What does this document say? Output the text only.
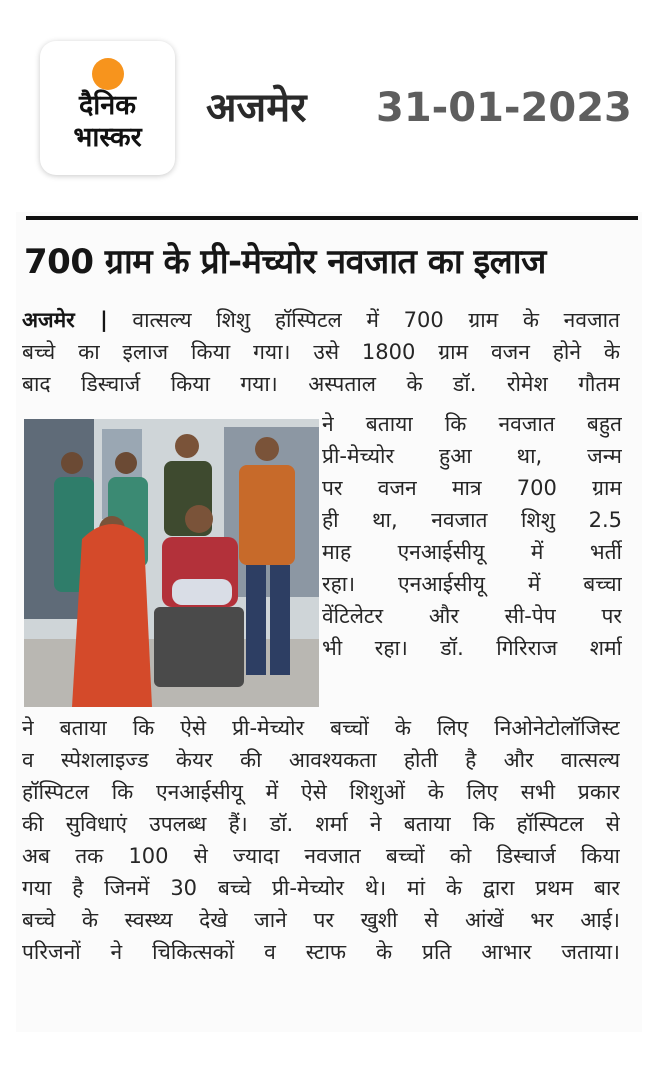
दैनिक
भास्कर
अजमेर 31-01-2023
700 ग्राम के प्री-मेच्योर नवजात का इलाज
अजमेर | वात्सल्य शिशु हॉस्पिटल में 700 ग्राम के नवजात
बच्चे का इलाज किया गया। उसे 1800 ग्राम वजन होने के
बाद डिस्चार्ज किया गया। अस्पताल के डॉ. रोमेश गौतम
ने बताया कि नवजात बहुत
प्री-मेच्योर हुआ था, जन्म
पर वजन मात्र 700 ग्राम
ही था, नवजात शिशु 2.5
माह एनआईसीयू में भर्ती
रहा। एनआईसीयू में बच्चा
वेंटिलेटर और सी-पेप पर
भी रहा। डॉ. गिरिराज शर्मा
ने बताया कि ऐसे प्री-मेच्योर बच्चों के लिए निओनेटोलॉजिस्ट
व स्पेशलाइज्ड केयर की आवश्यकता होती है और वात्सल्य
हॉस्पिटल कि एनआईसीयू में ऐसे शिशुओं के लिए सभी प्रकार
की सुविधाएं उपलब्ध हैं। डॉ. शर्मा ने बताया कि हॉस्पिटल से
अब तक 100 से ज्यादा नवजात बच्चों को डिस्चार्ज किया
गया है जिनमें 30 बच्चे प्री-मेच्योर थे। मां के द्वारा प्रथम बार
बच्चे के स्वस्थ्य देखे जाने पर खुशी से आंखें भर आई।
परिजनों ने चिकित्सकों व स्टाफ के प्रति आभार जताया।
